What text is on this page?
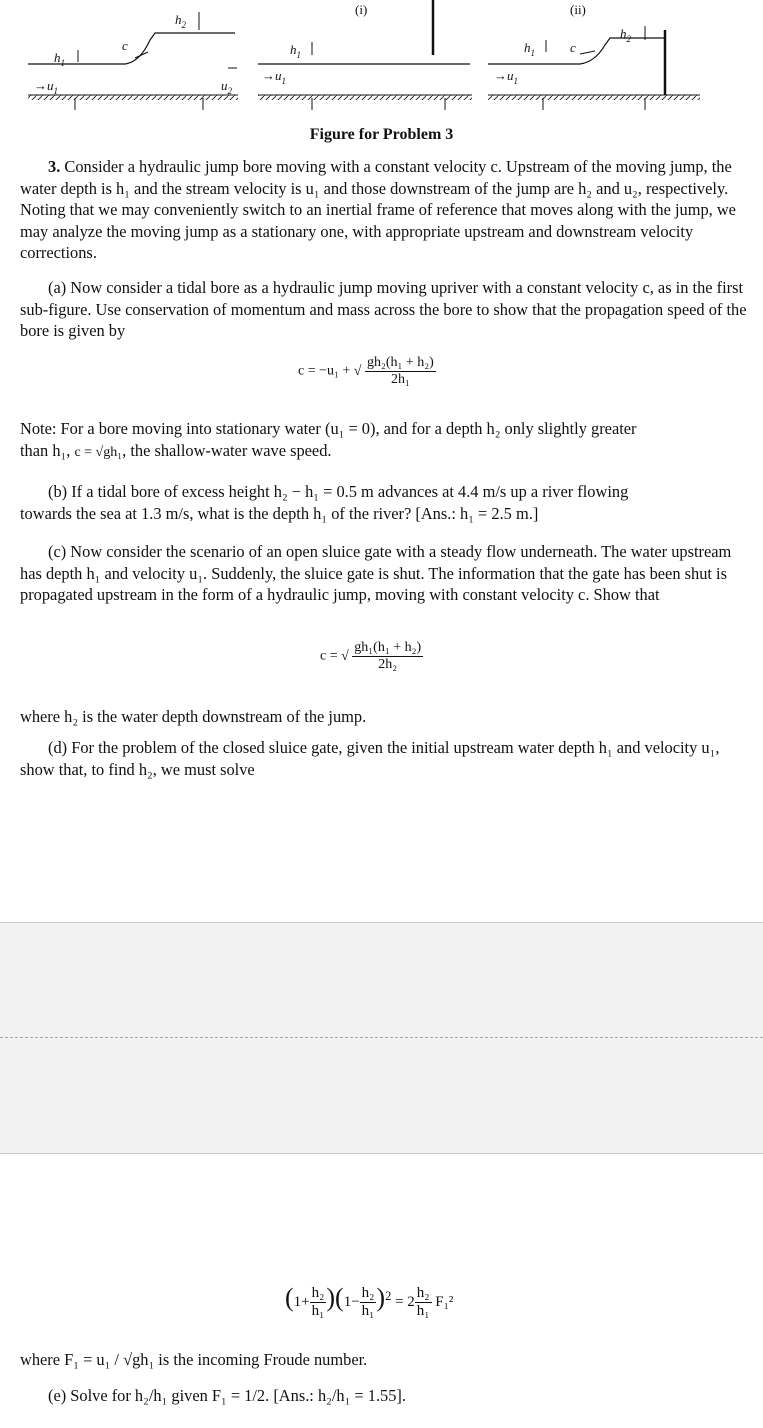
$h_2$
$h_1$
c
$\to u_1$	$u_2$
(i)
$h_1$
$\to u_1$
(ii)
$h_2$
$h_1$	c
$\to u_1$
Figure for Problem 3
3. Consider a hydraulic jump bore moving with a constant velocity c. Upstream of the moving jump, the water depth is h₁ and the stream velocity is u₁ and those downstream of the jump are h₂ and u₂, respectively. Noting that we may conveniently switch to an inertial frame of reference that moves along with the jump, we may analyze the moving jump as a stationary one, with appropriate upstream and downstream velocity corrections.
(a) Now consider a tidal bore as a hydraulic jump moving upriver with a constant velocity c, as in the first sub-figure. Use conservation of momentum and mass across the bore to show that the propagation speed of the bore is given by
c = −u₁ + √ $\frac{\text{gh₂(h₁ + h₂)}}{\text{2h₁}}$
Note: For a bore moving into stationary water (u₁ = 0), and for a depth h₂ only slightly greater
than h₁, c = √gh₁, the shallow-water wave speed.
(b) If a tidal bore of excess height h₂ − h₁ = 0.5 m advances at 4.4 m/s up a river flowing
towards the sea at 1.3 m/s, what is the depth h₁ of the river? [Ans.: h₁ = 2.5 m.]
(c) Now consider the scenario of an open sluice gate with a steady flow underneath. The water upstream has depth h₁ and velocity u₁. Suddenly, the sluice gate is shut. The information that the gate has been shut is propagated upstream in the form of a hydraulic jump, moving with constant velocity c. Show that
c = √ $\frac{\text{gh₁(h₁ + h₂)}}{\text{2h₂}}$
where h₂ is the water depth downstream of the jump.
(d) For the problem of the closed sluice gate, given the initial upstream water depth h₁ and velocity u₁, show that, to find h₂, we must solve
$(1+ \frac{\text{h₂}}{\text{h₁}} )(1- \frac{\text{h₂}}{\text{h₁}} )^2 = 2 \frac{\text{h₂}}{\text{h₁}} F_1^2$
where F₁ = u₁ / √gh₁ is the incoming Froude number.
(e) Solve for h₂/h₁ given F₁ = 1/2. [Ans.: h₂/h₁ = 1.55].
